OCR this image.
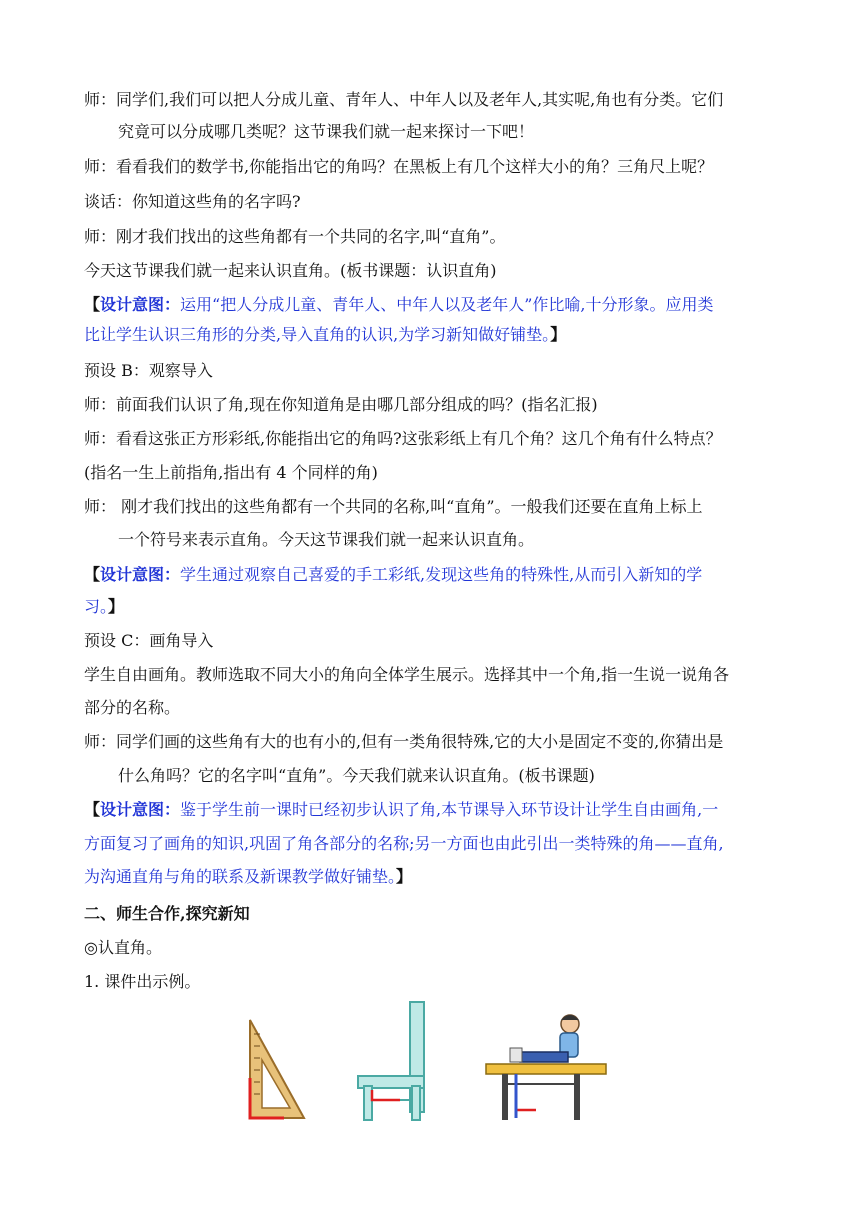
师：同学们,我们可以把人分成儿童、青年人、中年人以及老年人,其实呢,角也有分类。它们
究竟可以分成哪几类呢？这节课我们就一起来探讨一下吧！
师：看看我们的数学书,你能指出它的角吗？在黑板上有几个这样大小的角？三角尺上呢？
谈话：你知道这些角的名字吗?
师：刚才我们找出的这些角都有一个共同的名字,叫“直角”。
今天这节课我们就一起来认识直角。(板书课题：认识直角)
【设计意图：运用“把人分成儿童、青年人、中年人以及老年人”作比喻,十分形象。应用类
比让学生认识三角形的分类,导入直角的认识,为学习新知做好铺垫。】
预设 B：观察导入
师：前面我们认识了角,现在你知道角是由哪几部分组成的吗？(指名汇报)
师：看看这张正方形彩纸,你能指出它的角吗?这张彩纸上有几个角？这几个角有什么特点？
(指名一生上前指角,指出有 4 个同样的角)
师： 刚才我们找出的这些角都有一个共同的名称,叫“直角”。一般我们还要在直角上标上
一个符号来表示直角。今天这节课我们就一起来认识直角。
【设计意图：学生通过观察自己喜爱的手工彩纸,发现这些角的特殊性,从而引入新知的学
习。】
预设 C：画角导入
学生自由画角。教师选取不同大小的角向全体学生展示。选择其中一个角,指一生说一说角各
部分的名称。
师：同学们画的这些角有大的也有小的,但有一类角很特殊,它的大小是固定不变的,你猜出是
什么角吗？它的名字叫“直角”。今天我们就来认识直角。(板书课题)
【设计意图：鉴于学生前一课时已经初步认识了角,本节课导入环节设计让学生自由画角,一
方面复习了画角的知识,巩固了角各部分的名称;另一方面也由此引出一类特殊的角——直角,
为沟通直角与角的联系及新课教学做好铺垫。】
二、师生合作,探究新知
◎认直角。
1. 课件出示例。
